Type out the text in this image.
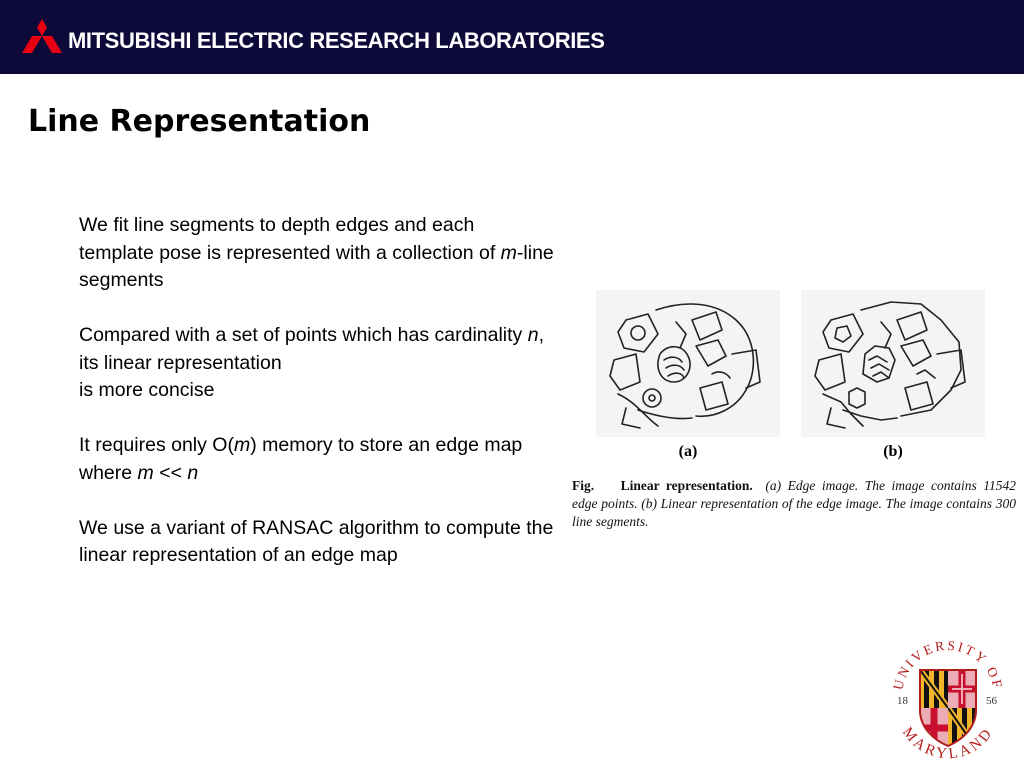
MITSUBISHI ELECTRIC RESEARCH LABORATORIES
Line Representation

We fit line segments to depth edges and each template pose is represented with a collection of m-line segments

Compared with a set of points which has cardinality n, its linear representation
is more concise

It requires only O(m) memory to store an edge map where m << n

We use a variant of RANSAC algorithm to compute the linear representation of an edge map

(a)	(b)
Fig. Linear representation. (a) Edge image. The image contains 11542 edge points. (b) Linear representation of the edge image. The image contains 300 line segments.
UNIVERSITY OF
MARYLAND
18	56
